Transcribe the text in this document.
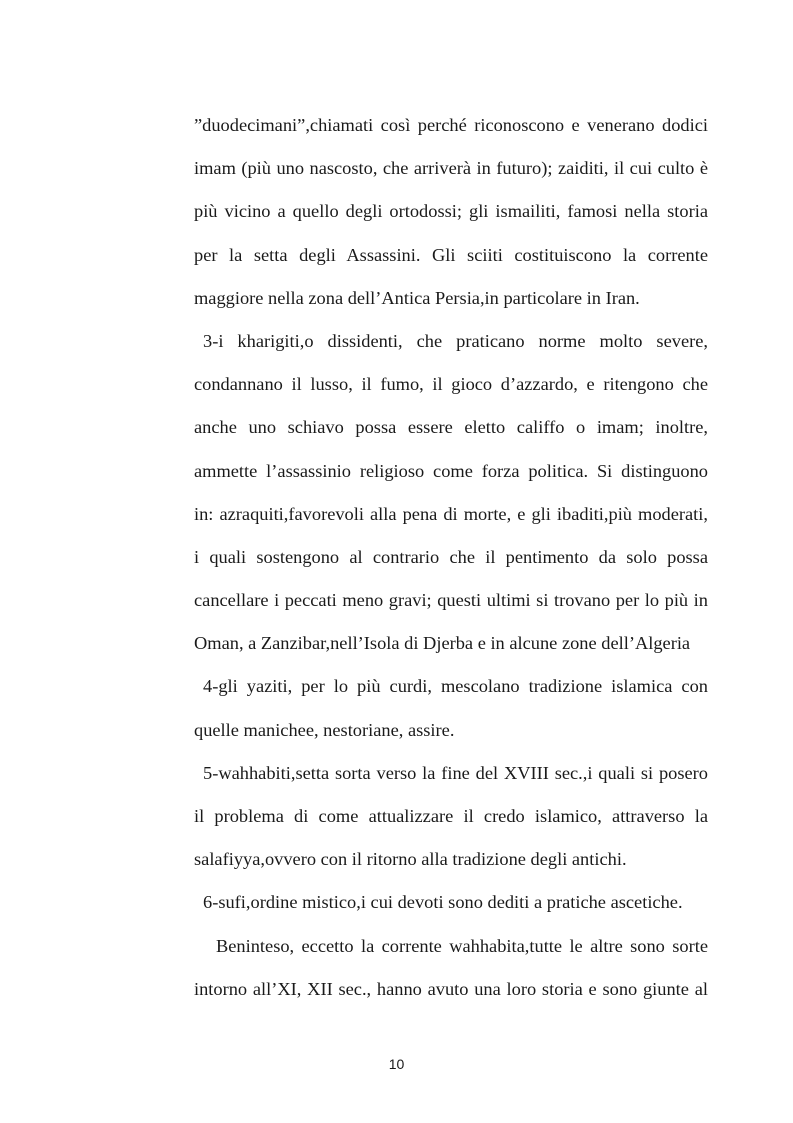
”duodecimani”,chiamati così perché riconoscono e venerano dodici
imam (più uno nascosto, che arriverà in futuro); zaiditi, il cui culto è
più vicino a quello degli ortodossi; gli ismailiti, famosi nella storia
per la setta degli Assassini. Gli sciiti costituiscono la corrente
maggiore nella zona dell’Antica Persia,in particolare in Iran.
3-i kharigiti,o dissidenti, che praticano norme molto severe,
condannano il lusso, il fumo, il gioco d’azzardo, e ritengono che
anche uno schiavo possa essere eletto califfo o imam; inoltre,
ammette l’assassinio religioso come forza politica. Si distinguono
in: azraquiti,favorevoli alla pena di morte, e gli ibaditi,più moderati,
i quali sostengono al contrario che il pentimento da solo possa
cancellare i peccati meno gravi; questi ultimi si trovano per lo più in
Oman, a Zanzibar,nell’Isola di Djerba e in alcune zone dell’Algeria
4-gli yaziti, per lo più curdi, mescolano tradizione islamica con
quelle manichee, nestoriane, assire.
5-wahhabiti,setta sorta verso la fine del XVIII sec.,i quali si posero
il problema di come attualizzare il credo islamico, attraverso la
salafiyya,ovvero con il ritorno alla tradizione degli antichi.
6-sufi,ordine mistico,i cui devoti sono dediti a pratiche ascetiche.
Beninteso, eccetto la corrente wahhabita,tutte le altre sono sorte
intorno all’XI, XII sec., hanno avuto una loro storia e sono giunte al
10
